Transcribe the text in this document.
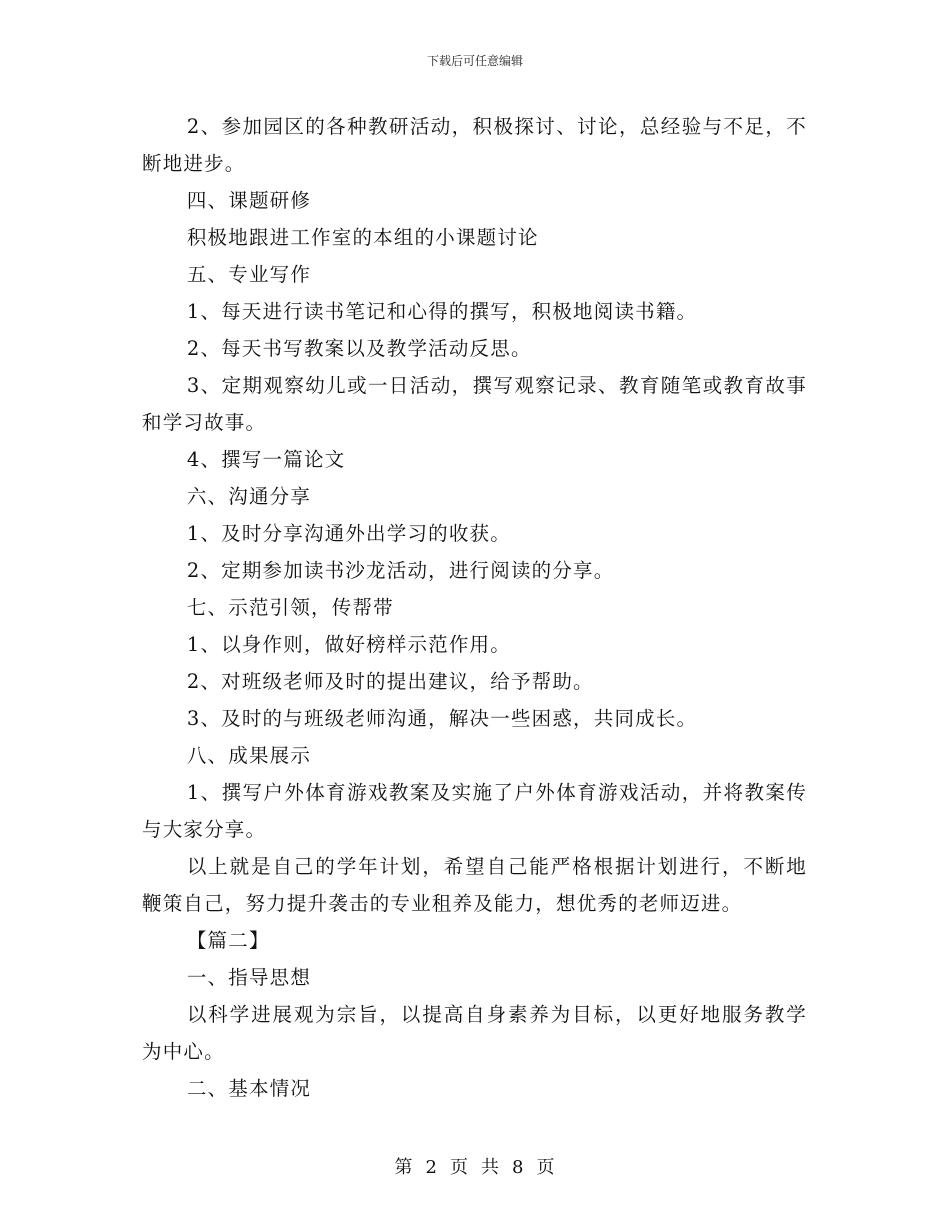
下载后可任意编辑

2、参加园区的各种教研活动，积极探讨、讨论，总经验与不足，不断地进步。

四、课题研修

积极地跟进工作室的本组的小课题讨论

五、专业写作

1、每天进行读书笔记和心得的撰写，积极地阅读书籍。

2、每天书写教案以及教学活动反思。

3、定期观察幼儿或一日活动，撰写观察记录、教育随笔或教育故事和学习故事。

4、撰写一篇论文

六、沟通分享

1、及时分享沟通外出学习的收获。

2、定期参加读书沙龙活动，进行阅读的分享。

七、示范引领，传帮带

1、以身作则，做好榜样示范作用。

2、对班级老师及时的提出建议，给予帮助。

3、及时的与班级老师沟通，解决一些困惑，共同成长。

八、成果展示

1、撰写户外体育游戏教案及实施了户外体育游戏活动，并将教案传与大家分享。

以上就是自己的学年计划，希望自己能严格根据计划进行，不断地鞭策自己，努力提升袭击的专业租养及能力，想优秀的老师迈进。

【篇二】

一、指导思想

以科学进展观为宗旨，以提高自身素养为目标，以更好地服务教学为中心。

二、基本情况

第 2 页 共 8 页
